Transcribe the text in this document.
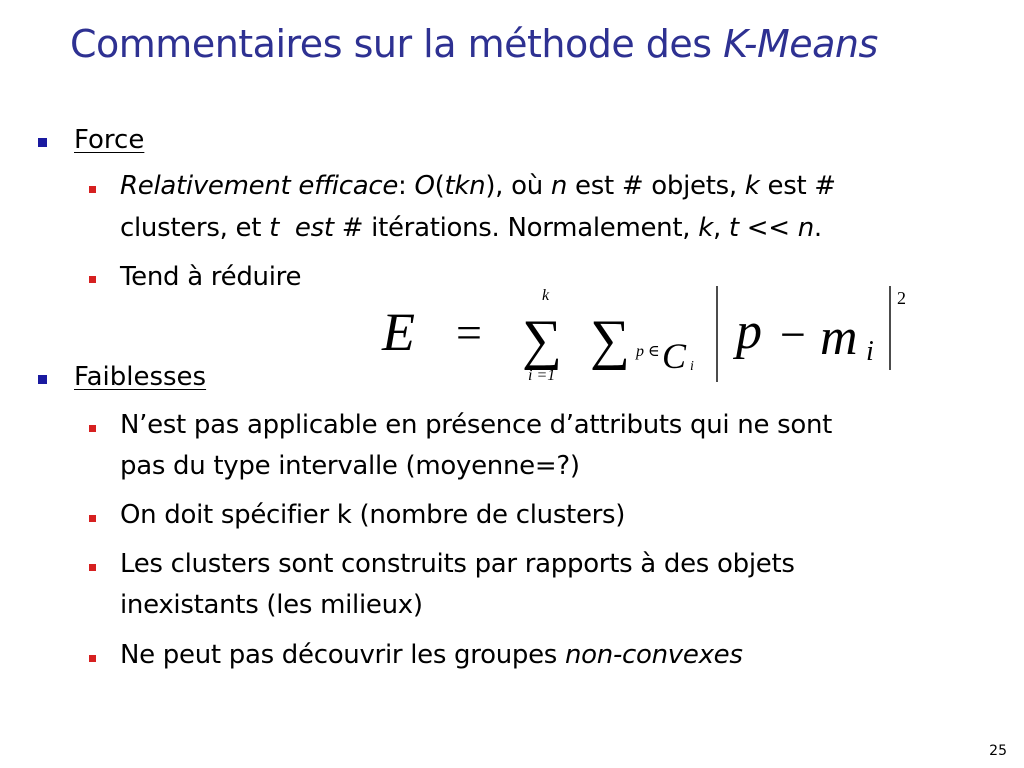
Commentaires sur la méthode des K-Means
Force
Relativement efficace: O(tkn), où n est # objets, k est #
clusters, et t est # itérations. Normalement, k, t << n.
Tend à réduire
E =
k
∑
i =1
∑ p ∈ C i
p − m i
2
Faiblesses
N’est pas applicable en présence d’attributs qui ne sont
pas du type intervalle (moyenne=?)
On doit spécifier k (nombre de clusters)
Les clusters sont construits par rapports à des objets
inexistants (les milieux)
Ne peut pas découvrir les groupes non-convexes
25
